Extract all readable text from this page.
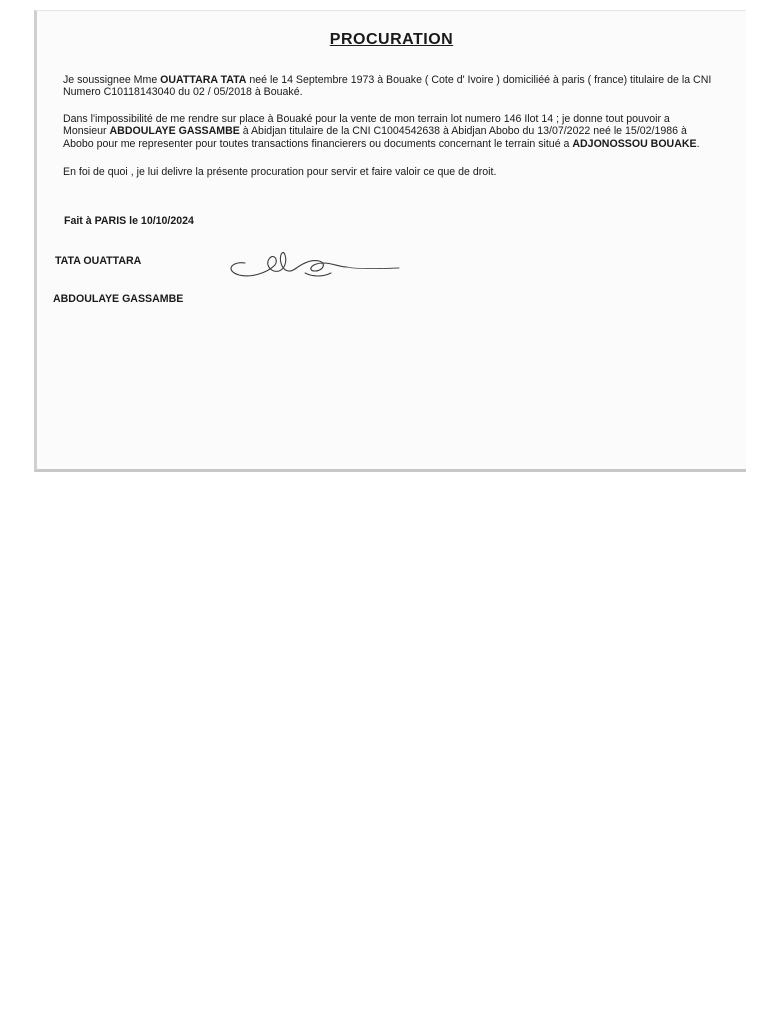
PROCURATION

Je soussignee Mme OUATTARA TATA neé le 14 Septembre 1973 à Bouake ( Cote d' Ivoire ) domiciliéé à paris ( france) titulaire de la CNI Numero C10118143040 du 02 / 05/2018 à Bouaké.

Dans l'impossibilité de me rendre sur place à Bouaké pour la vente de mon terrain lot numero 146 Ilot 14 ; je donne tout pouvoir a Monsieur ABDOULAYE GASSAMBE à Abidjan titulaire de la CNI C1004542638 à Abidjan Abobo du 13/07/2022 neé le 15/02/1986 à Abobo pour me representer pour toutes transactions financierers ou documents concernant le terrain situé a ADJONOSSOU BOUAKE.

En foi de quoi , je lui delivre la présente procuration pour servir et faire valoir ce que de droit.

Fait à PARIS le 10/10/2024

TATA OUATTARA

ABDOULAYE GASSAMBE
